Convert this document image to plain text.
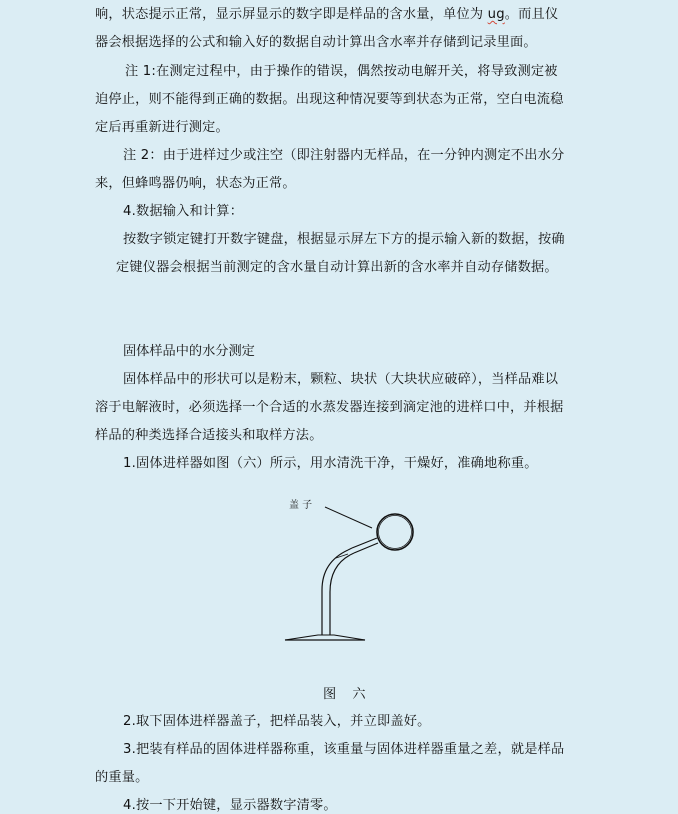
响，状态提示正常，显示屏显示的数字即是样品的含水量，单位为 ug。而且仪
器会根据选择的公式和输入好的数据自动计算出含水率并存储到记录里面。
注 1:在测定过程中，由于操作的错误，偶然按动电解开关，将导致测定被
迫停止，则不能得到正确的数据。出现这种情况要等到状态为正常，空白电流稳
定后再重新进行测定。
注 2：由于进样过少或注空（即注射器内无样品，在一分钟内测定不出水分
来，但蜂鸣器仍响，状态为正常。
4.数据输入和计算：
按数字锁定键打开数字键盘，根据显示屏左下方的提示输入新的数据，按确
定键仪器会根据当前测定的含水量自动计算出新的含水率并自动存储数据。
固体样品中的水分测定
固体样品中的形状可以是粉末，颗粒、块状（大块状应破碎），当样品难以
溶于电解液时，必须选择一个合适的水蒸发器连接到滴定池的进样口中，并根据
样品的种类选择合适接头和取样方法。
1.固体进样器如图（六）所示，用水清洗干净，干燥好，准确地称重。
盖 子
图 六
2.取下固体进样器盖子，把样品装入，并立即盖好。
3.把装有样品的固体进样器称重，该重量与固体进样器重量之差，就是样品
的重量。
4.按一下开始键，显示器数字清零。
